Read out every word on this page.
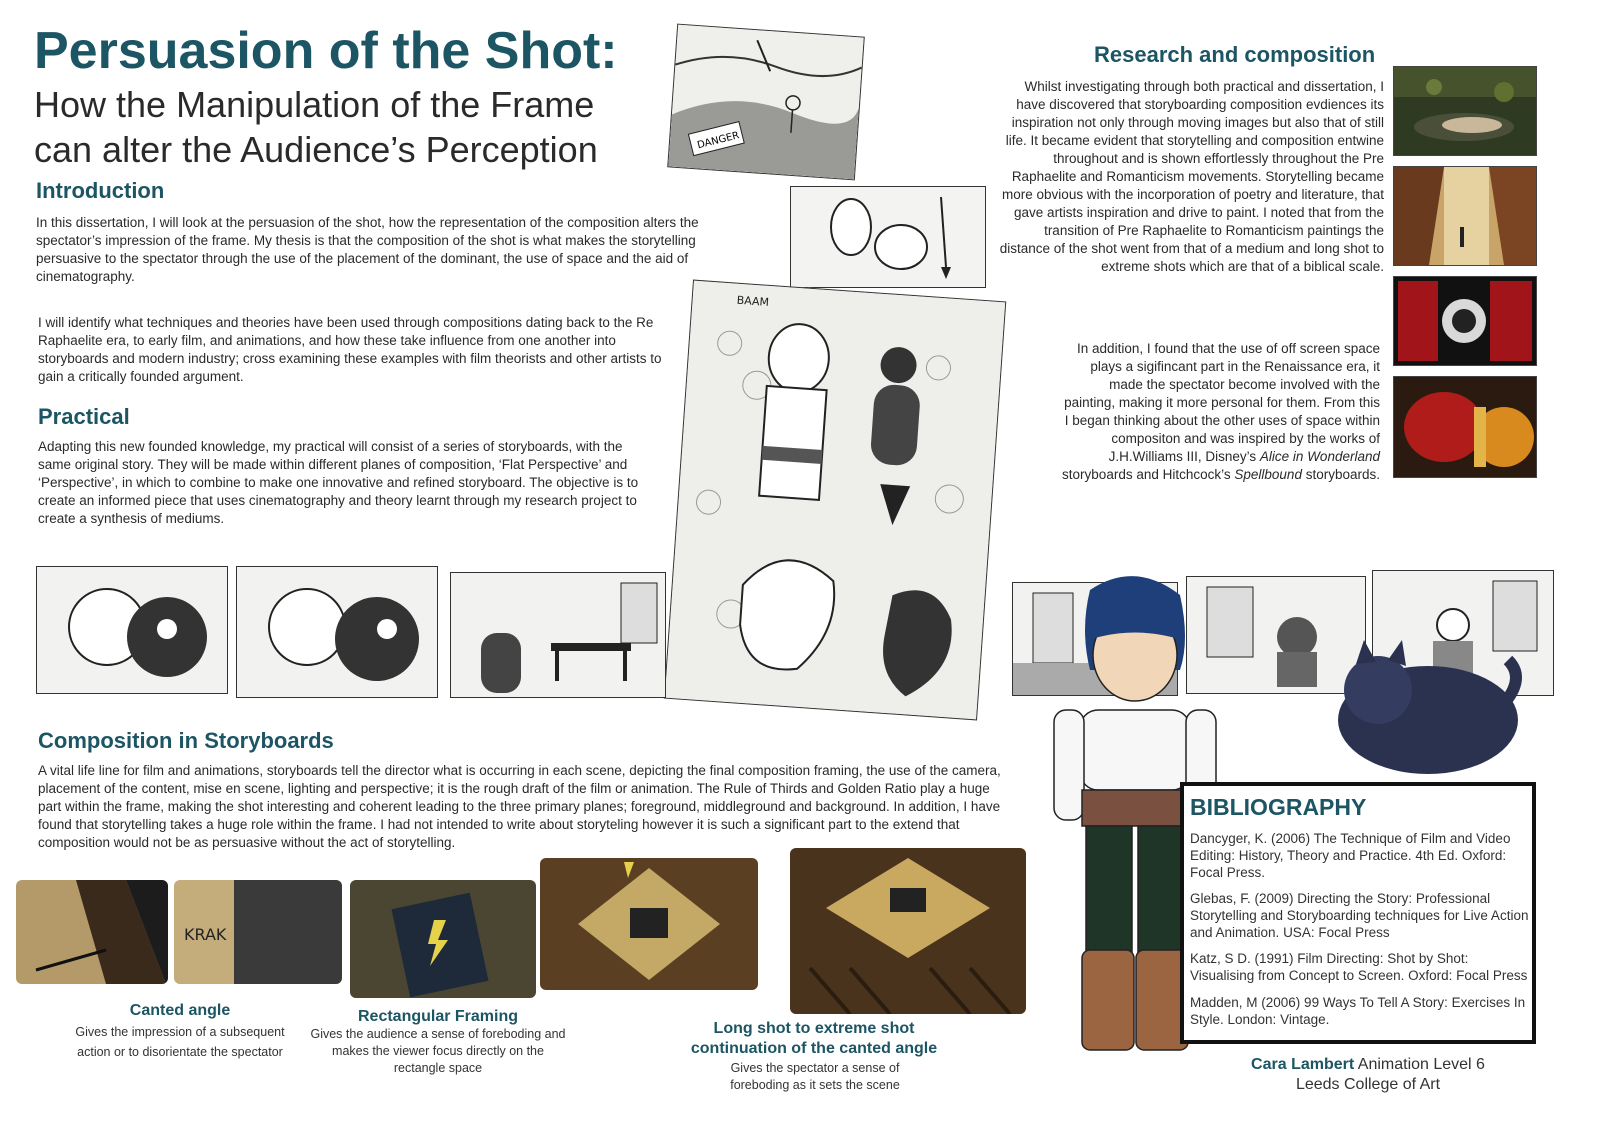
Persuasion of the Shot:
How the Manipulation of the Frame
can alter the Audience’s Perception
Introduction
In this dissertation, I will look at the persuasion of the shot, how the representation of the composition alters the spectator’s impression of the frame. My thesis is that the composition of the shot is what makes the storytelling persuasive to the spectator through the use of the placement of the dominant, the use of space and the aid of cinematography.
I will identify what techniques and theories have been used through compositions dating back to the Re Raphaelite era, to early film, and animations, and how these take influence from one another into storyboards and modern industry; cross examining these examples with film theorists and other artists to gain a critically founded argument.
Practical
Adapting this new founded knowledge, my practical will consist of a series of storyboards, with the same original story. They will be made within different planes of composition, ‘Flat Perspective’ and ‘Perspective’, in which to combine to make one innovative and refined storyboard. The objective is to create an informed piece that uses cinematography and theory learnt through my research project to create a synthesis of mediums.
Research and composition
Whilst investigating through both practical and dissertation, I have discovered that storyboarding composition evdiences its inspiration not only through moving images but also that of still life. It became evident that storytelling and composition entwine throughout and is shown effortlessly throughout the Pre Raphaelite and Romanticism movements. Storytelling became more obvious with the incorporation of poetry and literature, that gave artists inspiration and drive to paint. I noted that from the transition of Pre Raphaelite to Romanticism paintings the distance of the shot went from that of a medium and long shot to extreme shots which are that of a biblical scale.
In addition, I found that the use of off screen space plays a sigifincant part in the Renaissance era, it made the spectator become involved with the painting, making it more personal for them. From this I began thinking about the other uses of space within compositon and was inspired by the works of J.H.Williams III, Disney’s Alice in Wonderland storyboards and Hitchcock’s Spellbound storyboards.
DANGER
BAAM
Composition in Storyboards
A vital life line for film and animations, storyboards tell the director what is occurring in each scene, depicting the final composition framing, the use of the camera, placement of the content, mise en scene, lighting and perspective; it is the rough draft of the film or animation. The Rule of Thirds and Golden Ratio play a huge part within the frame, making the shot interesting and coherent leading to the three primary planes; foreground, middleground and background. In addition, I have found that storytelling takes a huge role within the frame. I had not intended to write about storyteling however it is such a significant part to the extend that composition would not be as persuasive without the act of storytelling.
KRAK
Canted angle
Gives the impression of a subsequent action or to disorientate the spectator
Rectangular Framing
Gives the audience a sense of foreboding and makes the viewer focus directly on the rectangle space
Long shot to extreme shot
continuation of the canted angle
Gives the spectator a sense of foreboding as it sets the scene
BIBLIOGRAPHY
Dancyger, K. (2006) The Technique of Film and Video Editing: History, Theory and Practice. 4th Ed. Oxford: Focal Press.
Glebas, F. (2009) Directing the Story: Professional Storytelling and Storyboarding techniques for Live Action and Animation. USA: Focal Press
Katz, S D. (1991) Film Directing: Shot by Shot: Visualising from Concept to Screen. Oxford: Focal Press
Madden, M (2006) 99 Ways To Tell A Story: Exercises In Style. London: Vintage.
Cara Lambert Animation Level 6
Leeds College of Art
